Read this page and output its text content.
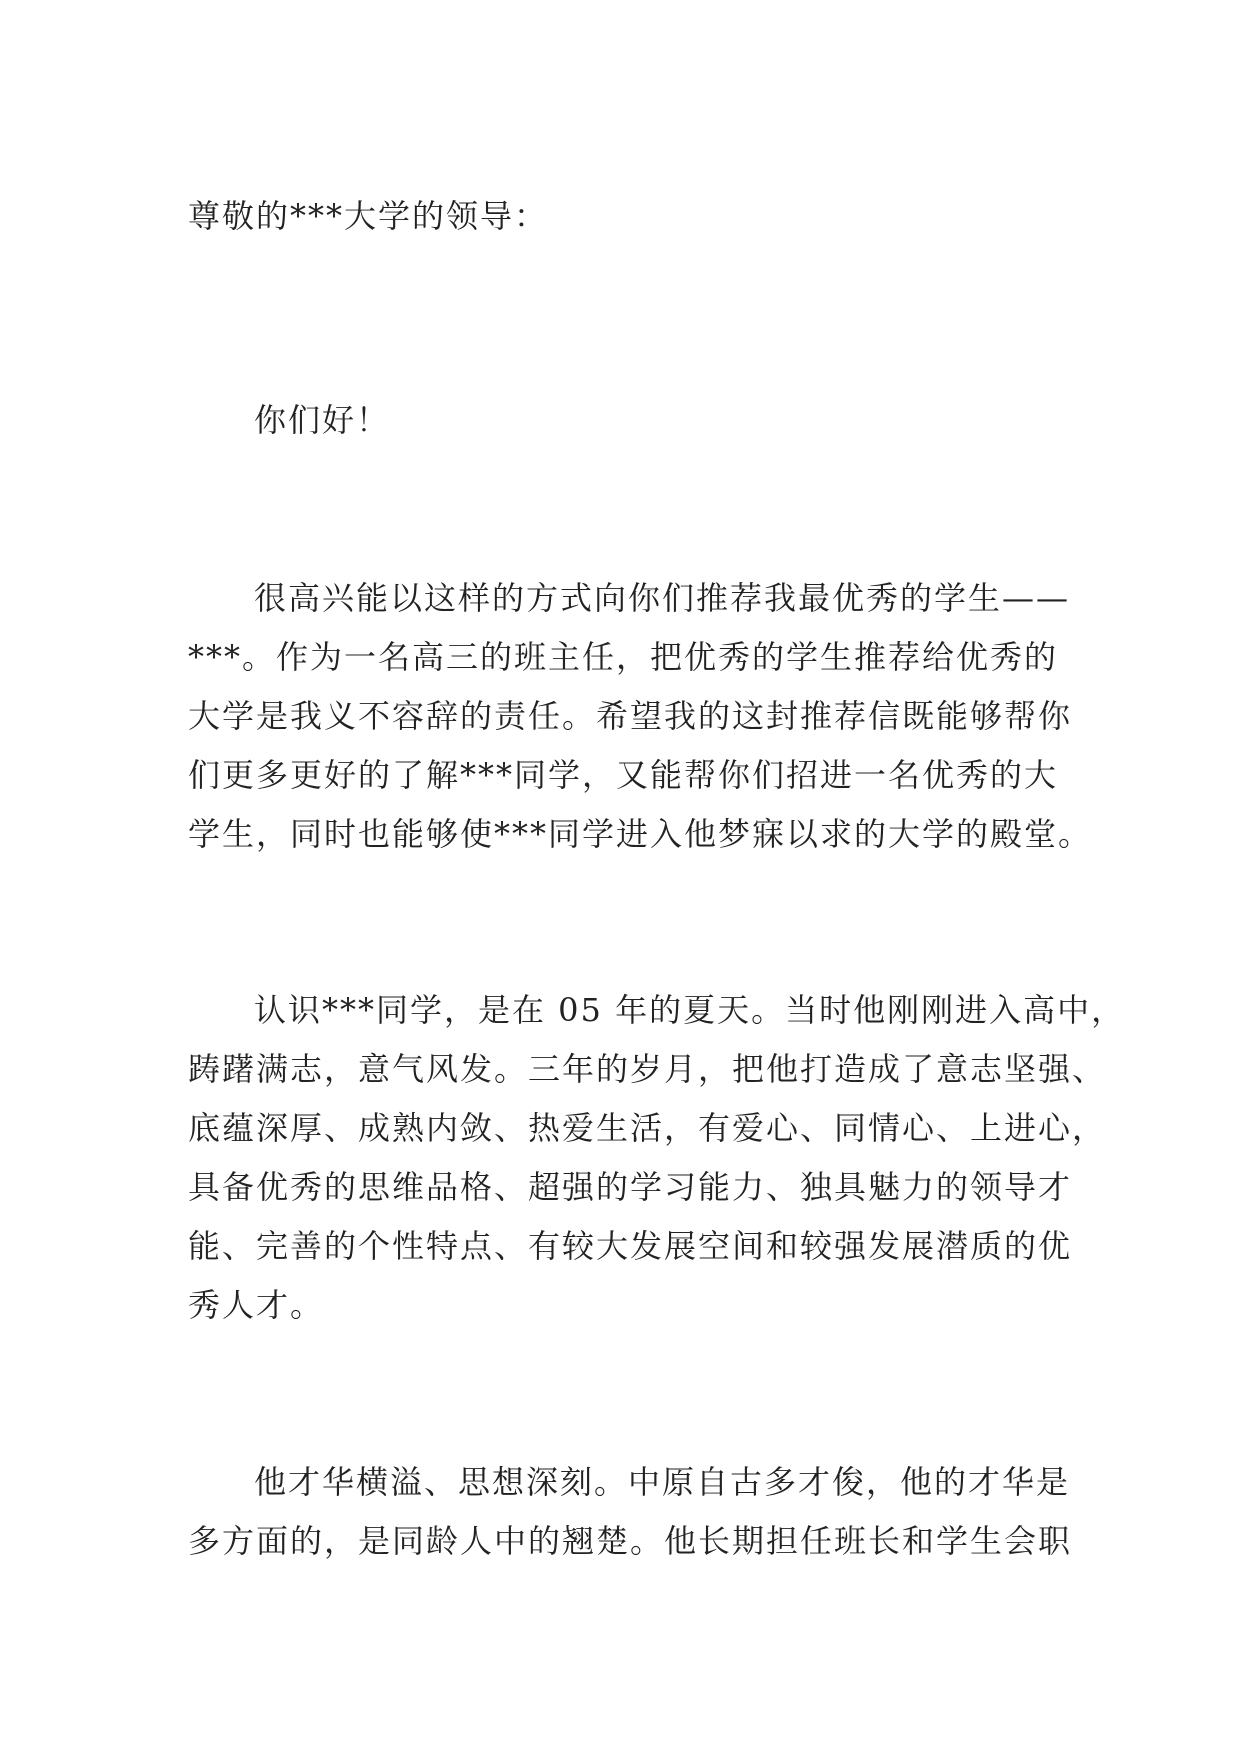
尊敬的***大学的领导：
你们好！
很高兴能以这样的方式向你们推荐我最优秀的学生——
***。作为一名高三的班主任，把优秀的学生推荐给优秀的
大学是我义不容辞的责任。希望我的这封推荐信既能够帮你
们更多更好的了解***同学，又能帮你们招进一名优秀的大
学生，同时也能够使***同学进入他梦寐以求的大学的殿堂。
认识***同学，是在 05 年的夏天。当时他刚刚进入高中，
踌躇满志，意气风发。三年的岁月，把他打造成了意志坚强、
底蕴深厚、成熟内敛、热爱生活，有爱心、同情心、上进心，
具备优秀的思维品格、超强的学习能力、独具魅力的领导才
能、完善的个性特点、有较大发展空间和较强发展潜质的优
秀人才。
他才华横溢、思想深刻。中原自古多才俊，他的才华是
多方面的，是同龄人中的翘楚。他长期担任班长和学生会职
